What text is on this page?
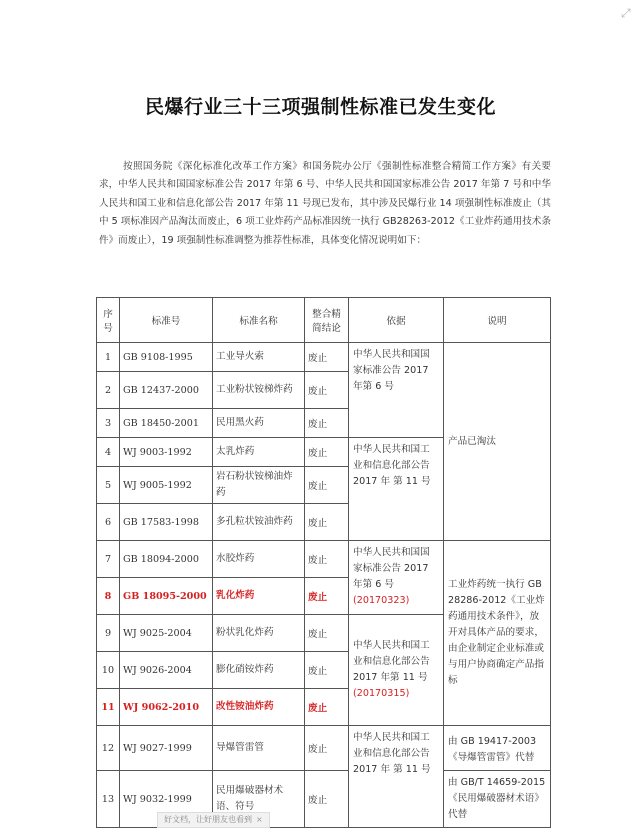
⤢
民爆行业三十三项强制性标准已发生变化
按照国务院《深化标准化改革工作方案》和国务院办公厅《强制性标准整合精简工作方案》有关要求，中华人民共和国国家标准公告 2017 年第 6 号、中华人民共和国国家标准公告 2017 年第 7 号和中华人民共和国工业和信息化部公告 2017 年第 11 号现已发布，其中涉及民爆行业 14 项强制性标准废止（其中 5 项标准因产品淘汰而废止，6 项工业炸药产品标准因统一执行 GB28263-2012《工业炸药通用技术条件》而废止），19 项强制性标准调整为推荐性标准，具体变化情况说明如下：
序号	标准号	标准名称	整合精简结论	依据	说明
1	GB 9108-1995	工业导火索	废止	中华人民共和国国家标准公告 2017 年第 6 号	产品已淘汰
2	GB 12437-2000	工业粉状铵梯炸药	废止		
3	GB 18450-2001	民用黑火药	废止		
4	WJ 9003-1992	太乳炸药	废止	中华人民共和国工业和信息化部公告 2017 年 第 11 号	
5	WJ 9005-1992	岩石粉状铵梯油炸药	废止		
6	GB 17583-1998	多孔粒状铵油炸药	废止		
7	GB 18094-2000	水胶炸药	废止	中华人民共和国国家标准公告 2017 年第 6 号 (20170323)	工业炸药统一执行 GB 28286-2012《工业炸药通用技术条件》，放开对具体产品的要求，由企业制定企业标准或与用户协商确定产品指标
8	GB 18095-2000	乳化炸药	废止		
9	WJ 9025-2004	粉状乳化炸药	废止	中华人民共和国工业和信息化部公告 2017 年第 11 号 (20170315)	
10	WJ 9026-2004	膨化硝铵炸药	废止		
11	WJ 9062-2010	改性铵油炸药	废止		
12	WJ 9027-1999	导爆管雷管	废止	中华人民共和国工业和信息化部公告 2017 年 第 11 号	由 GB 19417-2003《导爆管雷管》代替
13	WJ 9032-1999	民用爆破器材术语、符号	废止		由 GB/T 14659-2015《民用爆破器材术语》代替
好文档，让好朋友也看到 ×
